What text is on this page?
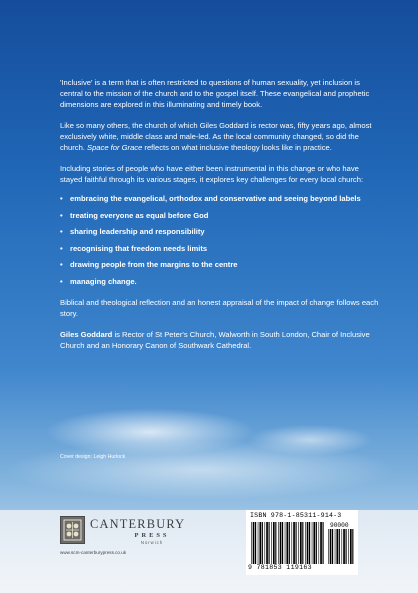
'Inclusive' is a term that is often restricted to questions of human sexuality, yet inclusion is central to the mission of the church and to the gospel itself. These evangelical and prophetic dimensions are explored in this illuminating and timely book.

Like so many others, the church of which Giles Goddard is rector was, fifty years ago, almost exclusively white, middle class and male-led. As the local community changed, so did the church. Space for Grace reflects on what inclusive theology looks like in practice.

Including stories of people who have either been instrumental in this change or who have stayed faithful through its various stages, it explores key challenges for every local church:

• embracing the evangelical, orthodox and conservative and seeing beyond labels
• treating everyone as equal before God
• sharing leadership and responsibility
• recognising that freedom needs limits
• drawing people from the margins to the centre
• managing change.

Biblical and theological reflection and an honest appraisal of the impact of change follows each story.

Giles Goddard is Rector of St Peter's Church, Walworth in South London, Chair of Inclusive Church and an Honorary Canon of Southwark Cathedral.

Cover design: Leigh Hurlock
CANTERBURY
PRESS
Norwich
www.scm-canterburypress.co.uk
ISBN 978-1-85311-914-3
90000
9 781853 119163
